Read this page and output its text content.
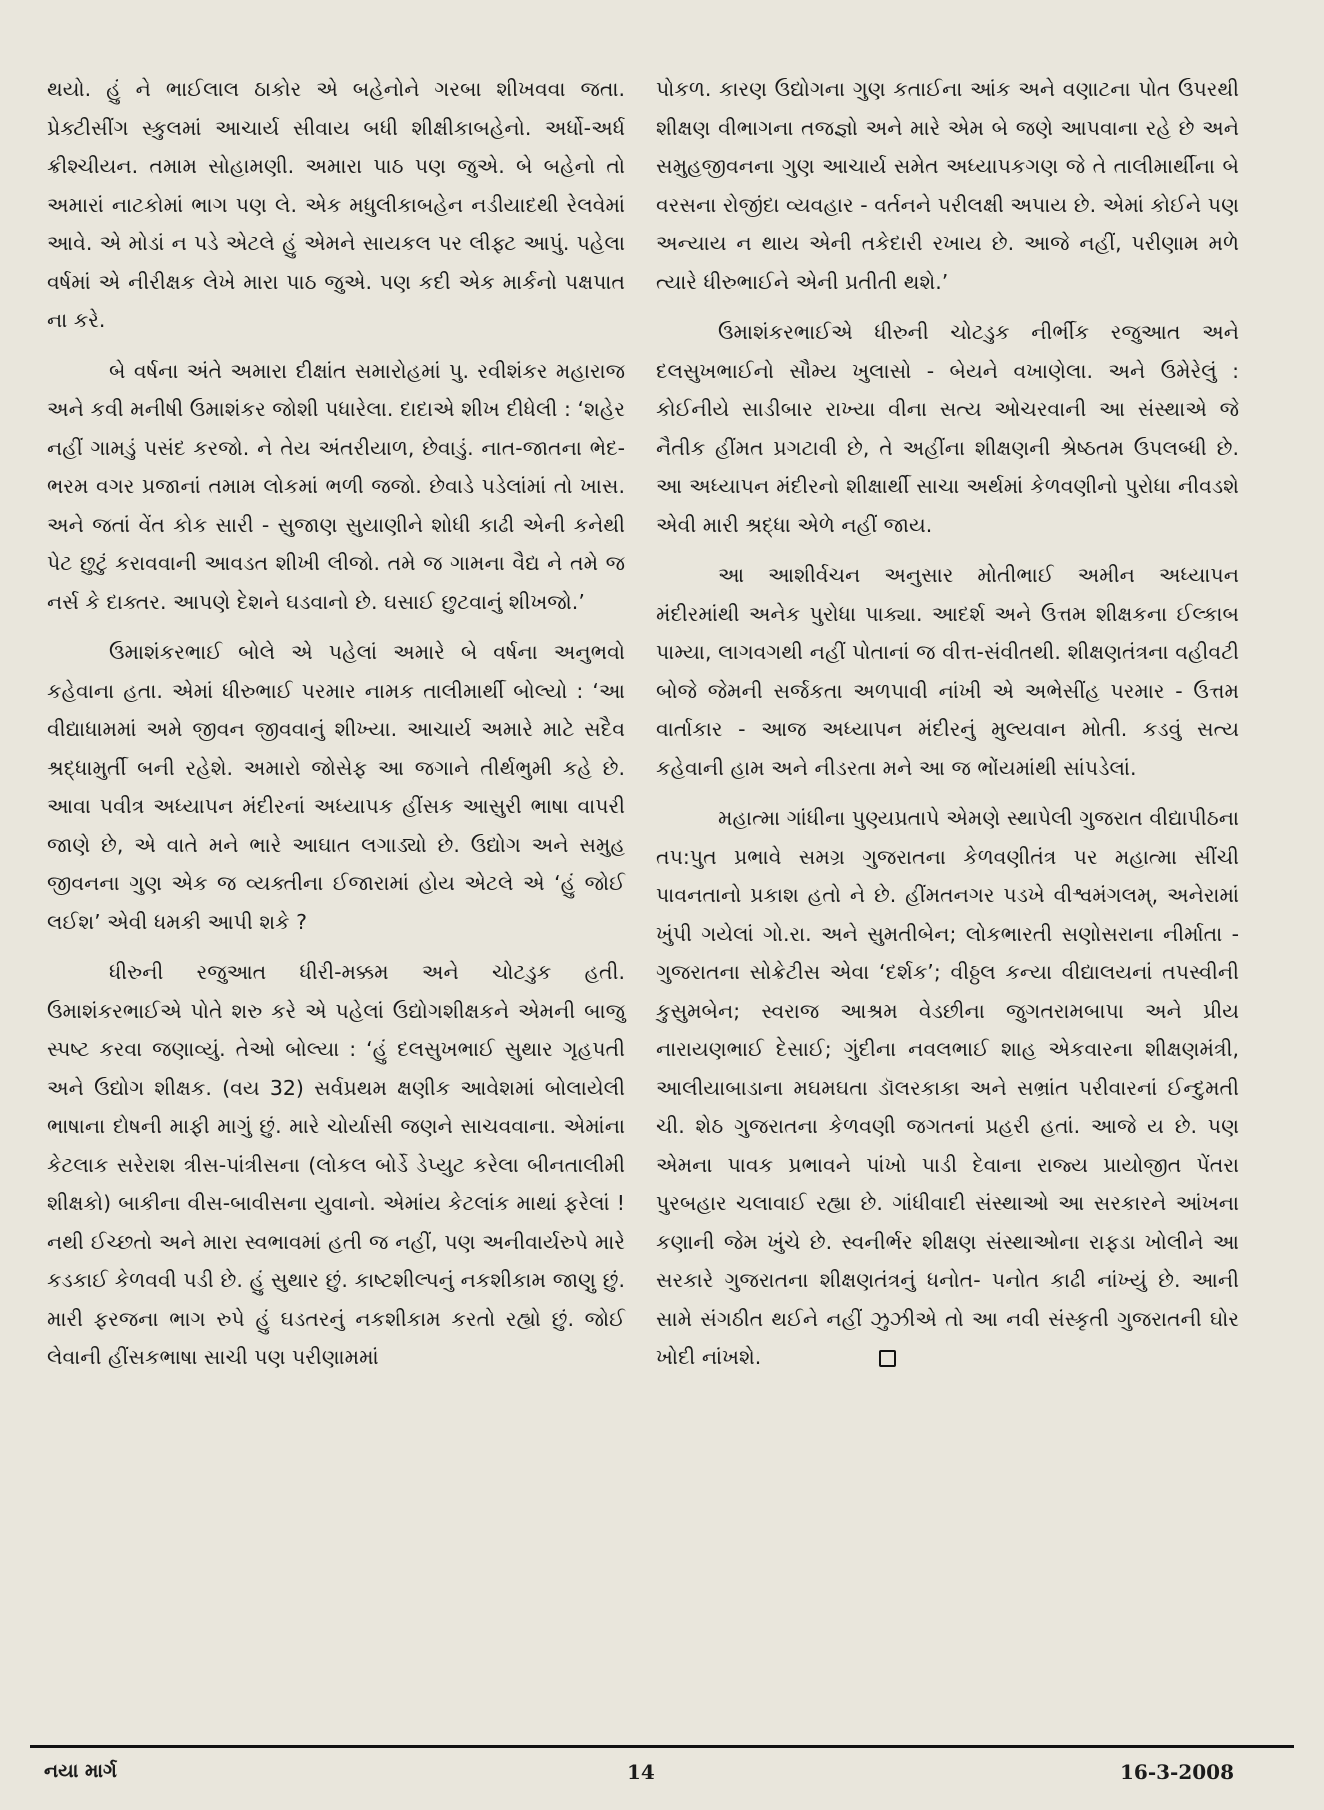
થયો. હું ને ભાઈલાલ ઠાકોર એ બહેનોને ગરબા શીખવવા જતા. પ્રેક્ટીસીંગ સ્કુલમાં આચાર્ય સીવાય બધી શીક્ષીકાબહેનો. અર્ધો-અર્ધ ક્રીશ્ચીયન. તમામ સોહામણી. અમારા પાઠ પણ જુએ. બે બહેનો તો અમારાં નાટકોમાં ભાગ પણ લે. એક મધુલીકાબહેન નડીયાદથી રેલવેમાં આવે. એ મોડાં ન પડે એટલે હું એમને સાયકલ પર લીફ્ટ આપું. પહેલા વર્ષમાં એ નીરીક્ષક લેખે મારા પાઠ જુએ. પણ કદી એક માર્કનો પક્ષપાત ના કરે.

બે વર્ષના અંતે અમારા દીક્ષાંત સમારોહમાં પુ. રવીશંકર મહારાજ અને કવી મનીષી ઉમાશંકર જોશી પધારેલા. દાદાએ શીખ દીધેલી : ‘શહેર નહીં ગામડું પસંદ કરજો. ને તેય અંતરીયાળ, છેવાડું. નાત-જાતના ભેદ-ભરમ વગર પ્રજાનાં તમામ લોકમાં ભળી જજો. છેવાડે પડેલાંમાં તો ખાસ. અને જતાં વેંત કોક સારી - સુજાણ સુયાણીને શોધી કાઢી એની કનેથી પેટ છુટું કરાવવાની આવડત શીખી લીજો. તમે જ ગામના વૈદ્ય ને તમે જ નર્સ કે દાક્તર. આપણે દેશને ઘડવાનો છે. ઘસાઈ છુટવાનું શીખજો.’

ઉમાશંકરભાઈ બોલે એ પહેલાં અમારે બે વર્ષના અનુભવો કહેવાના હતા. એમાં ધીરુભાઈ પરમાર નામક તાલીમાર્થી બોલ્યો : ‘આ વીદ્યાધામમાં અમે જીવન જીવવાનું શીખ્યા. આચાર્ય અમારે માટે સદૈવ શ્રદ્ધામુર્તી બની રહેશે. અમારો જોસેફ આ જગાને તીર્થભુમી કહે છે. આવા પવીત્ર અધ્યાપન મંદીરનાં અધ્યાપક હીંસક આસુરી ભાષા વાપરી જાણે છે, એ વાતે મને ભારે આઘાત લગાડ્યો છે. ઉદ્યોગ અને સમુહ જીવનના ગુણ એક જ વ્યક્તીના ઈજારામાં હોય એટલે એ ‘હું જોઈ લઈશ’ એવી ધમકી આપી શકે ?

ધીરુની રજુઆત ધીરી-મક્કમ અને ચોટડુક હતી. ઉમાશંકરભાઈએ પોતે શરુ કરે એ પહેલાં ઉદ્યોગશીક્ષકને એમની બાજુ સ્પષ્ટ કરવા જણાવ્યું. તેઓ બોલ્યા : ‘હું દલસુખભાઈ સુથાર ગૃહપતી અને ઉદ્યોગ શીક્ષક. (વય 32) સર્વપ્રથમ ક્ષણીક આવેશમાં બોલાયેલી ભાષાના દોષની માફી માગું છું. મારે ચોર્યાસી જણને સાચવવાના. એમાંના કેટલાક સરેરાશ ત્રીસ-પાંત્રીસના (લોકલ બોર્ડે ડેપ્યુટ કરેલા બીનતાલીમી શીક્ષકો) બાકીના વીસ-બાવીસના યુવાનો. એમાંય કેટલાંક માથાં ફરેલાં ! નથી ઈચ્છતો અને મારા સ્વભાવમાં હતી જ નહીં, પણ અનીવાર્યરુપે મારે કડકાઈ કેળવવી પડી છે. હું સુથાર છું. કાષ્ટશીલ્પનું નકશીકામ જાણુ છું. મારી ફરજના ભાગ રુપે હું ઘડતરનું નકશીકામ કરતો રહ્યો છું. જોઈ લેવાની હીંસકભાષા સાચી પણ પરીણામમાં

પોકળ. કારણ ઉદ્યોગના ગુણ કતાઈના આંક અને વણાટના પોત ઉપરથી શીક્ષણ વીભાગના તજજ્ઞો અને મારે એમ બે જણે આપવાના રહે છે અને સમુહજીવનના ગુણ આચાર્ય સમેત અધ્યાપકગણ જે તે તાલીમાર્થીના બે વરસના રોજીંદા વ્યવહાર - વર્તનને પરીલક્ષી અપાય છે. એમાં કોઈને પણ અન્યાય ન થાય એની તકેદારી રખાય છે. આજે નહીં, પરીણામ મળે ત્યારે ધીરુભાઈને એની પ્રતીતી થશે.’

ઉમાશંકરભાઈએ ધીરુની ચોટડુક નીર્ભીક રજુઆત અને દલસુખભાઈનો સૌમ્ય ખુલાસો - બેયને વખાણેલા. અને ઉમેરેલું : કોઈનીયે સાડીબાર રાખ્યા વીના સત્ય ઓચરવાની આ સંસ્થાએ જે નૈતીક હીંમત પ્રગટાવી છે, તે અહીંના શીક્ષણની શ્રેષ્ઠતમ ઉપલબ્ધી છે. આ અધ્યાપન મંદીરનો શીક્ષાર્થી સાચા અર્થમાં કેળવણીનો પુરોધા નીવડશે એવી મારી શ્રદ્ધા એળે નહીં જાય.

આ આશીર્વચન અનુસાર મોતીભાઈ અમીન અધ્યાપન મંદીરમાંથી અનેક પુરોધા પાક્યા. આદર્શ અને ઉત્તમ શીક્ષકના ઈલ્કાબ પામ્યા, લાગવગથી નહીં પોતાનાં જ વીત્ત-સંવીતથી. શીક્ષણતંત્રના વહીવટી બોજે જેમની સર્જકતા અળપાવી નાંખી એ અભેસીંહ પરમાર - ઉત્તમ વાર્તાકાર - આજ અધ્યાપન મંદીરનું મુલ્યવાન મોતી. કડવું સત્ય કહેવાની હામ અને નીડરતા મને આ જ ભોંયમાંથી સાંપડેલાં.

મહાત્મા ગાંધીના પુણ્યપ્રતાપે એમણે સ્થાપેલી ગુજરાત વીદ્યાપીઠના તપ:પુત પ્રભાવે સમગ્ર ગુજરાતના કેળવણીતંત્ર પર મહાત્મા સીંચી પાવનતાનો પ્રકાશ હતો ને છે. હીંમતનગર પડખે વીશ્વમંગલમ્, અનેરામાં ખુંપી ગયેલાં ગો.રા. અને સુમતીબેન; લોકભારતી સણોસરાના નીર્માતા - ગુજરાતના સોક્રેટીસ એવા ‘દર્શક’; વીઠ્ઠલ કન્યા વીદ્યાલયનાં તપસ્વીની કુસુમબેન; સ્વરાજ આશ્રમ વેડછીના જુગતરામબાપા અને પ્રીય નારાયણભાઈ દેસાઈ; ગુંદીના નવલભાઈ શાહ એકવારના શીક્ષણમંત્રી, આલીયાબાડાના મઘમઘતા ડૉલરકાકા અને સભ્રાંત પરીવારનાં ઈન્દુમતી ચી. શેઠ ગુજરાતના કેળવણી જગતનાં પ્રહરી હતાં. આજે ય છે. પણ એમના પાવક પ્રભાવને પાંખો પાડી દેવાના રાજ્ય પ્રાયોજીત પેંતરા પુરબહાર ચલાવાઈ રહ્યા છે. ગાંધીવાદી સંસ્થાઓ આ સરકારને આંખના કણાની જેમ ખુંચે છે. સ્વનીર્ભર શીક્ષણ સંસ્થાઓના રાફડા ખોલીને આ સરકારે ગુજરાતના શીક્ષણતંત્રનું ધનોત- પનોત કાઢી નાંખ્યું છે. આની સામે સંગઠીત થઈને નહીં ઝુઝીએ તો આ નવી સંસ્કૃતી ગુજરાતની ઘોર ખોદી નાંખશે.

નયા માર્ગ	14	16-3-2008
